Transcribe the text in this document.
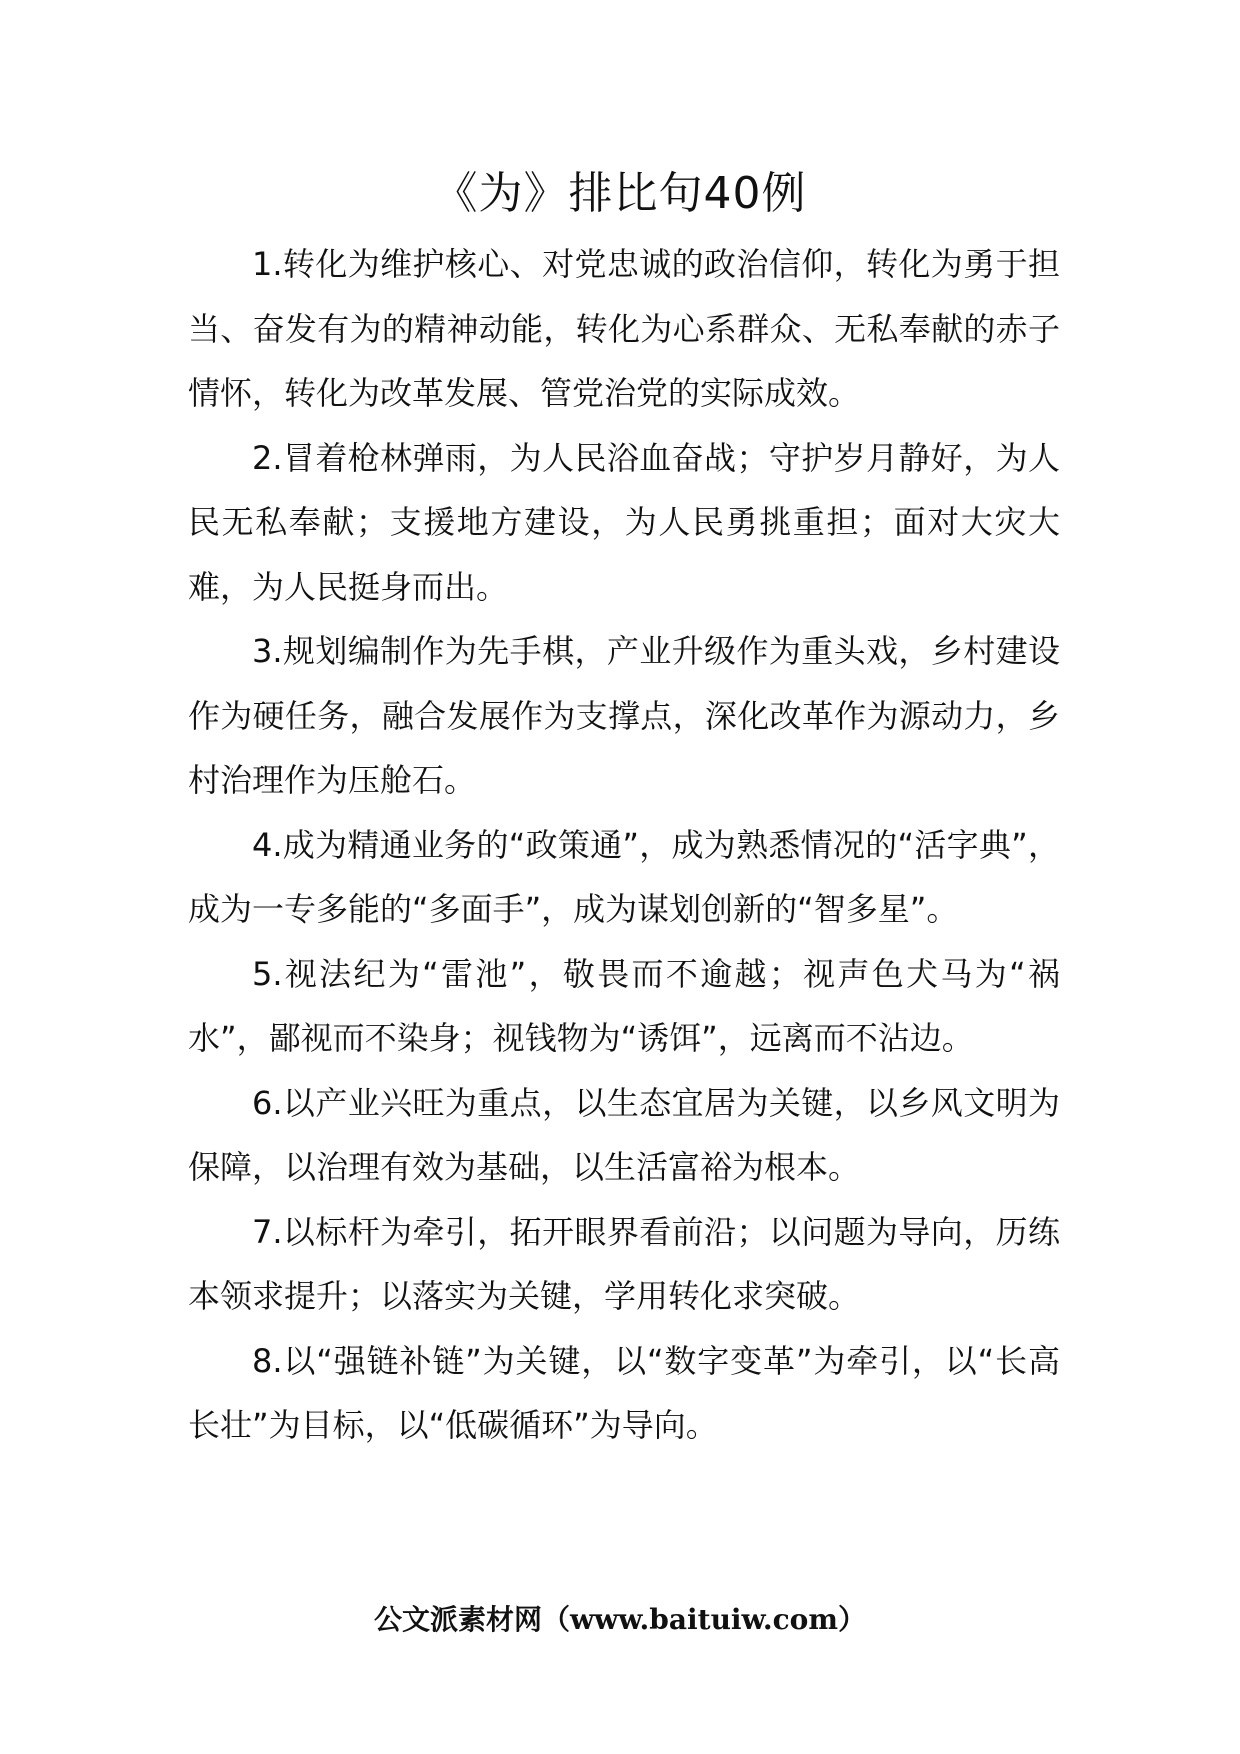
《为》排比句40例

1.转化为维护核心、对党忠诚的政治信仰，转化为勇于担当、奋发有为的精神动能，转化为心系群众、无私奉献的赤子情怀，转化为改革发展、管党治党的实际成效。

2.冒着枪林弹雨，为人民浴血奋战；守护岁月静好，为人民无私奉献；支援地方建设，为人民勇挑重担；面对大灾大难，为人民挺身而出。

3.规划编制作为先手棋，产业升级作为重头戏，乡村建设作为硬任务，融合发展作为支撑点，深化改革作为源动力，乡村治理作为压舱石。

4.成为精通业务的“政策通”，成为熟悉情况的“活字典”，成为一专多能的“多面手”，成为谋划创新的“智多星”。

5.视法纪为“雷池”，敬畏而不逾越；视声色犬马为“祸水”，鄙视而不染身；视钱物为“诱饵”，远离而不沾边。

6.以产业兴旺为重点，以生态宜居为关键，以乡风文明为保障，以治理有效为基础，以生活富裕为根本。

7.以标杆为牵引，拓开眼界看前沿；以问题为导向，历练本领求提升；以落实为关键，学用转化求突破。

8.以“强链补链”为关键，以“数字变革”为牵引，以“长高长壮”为目标，以“低碳循环”为导向。

公文派素材网（www.baituiw.com）
